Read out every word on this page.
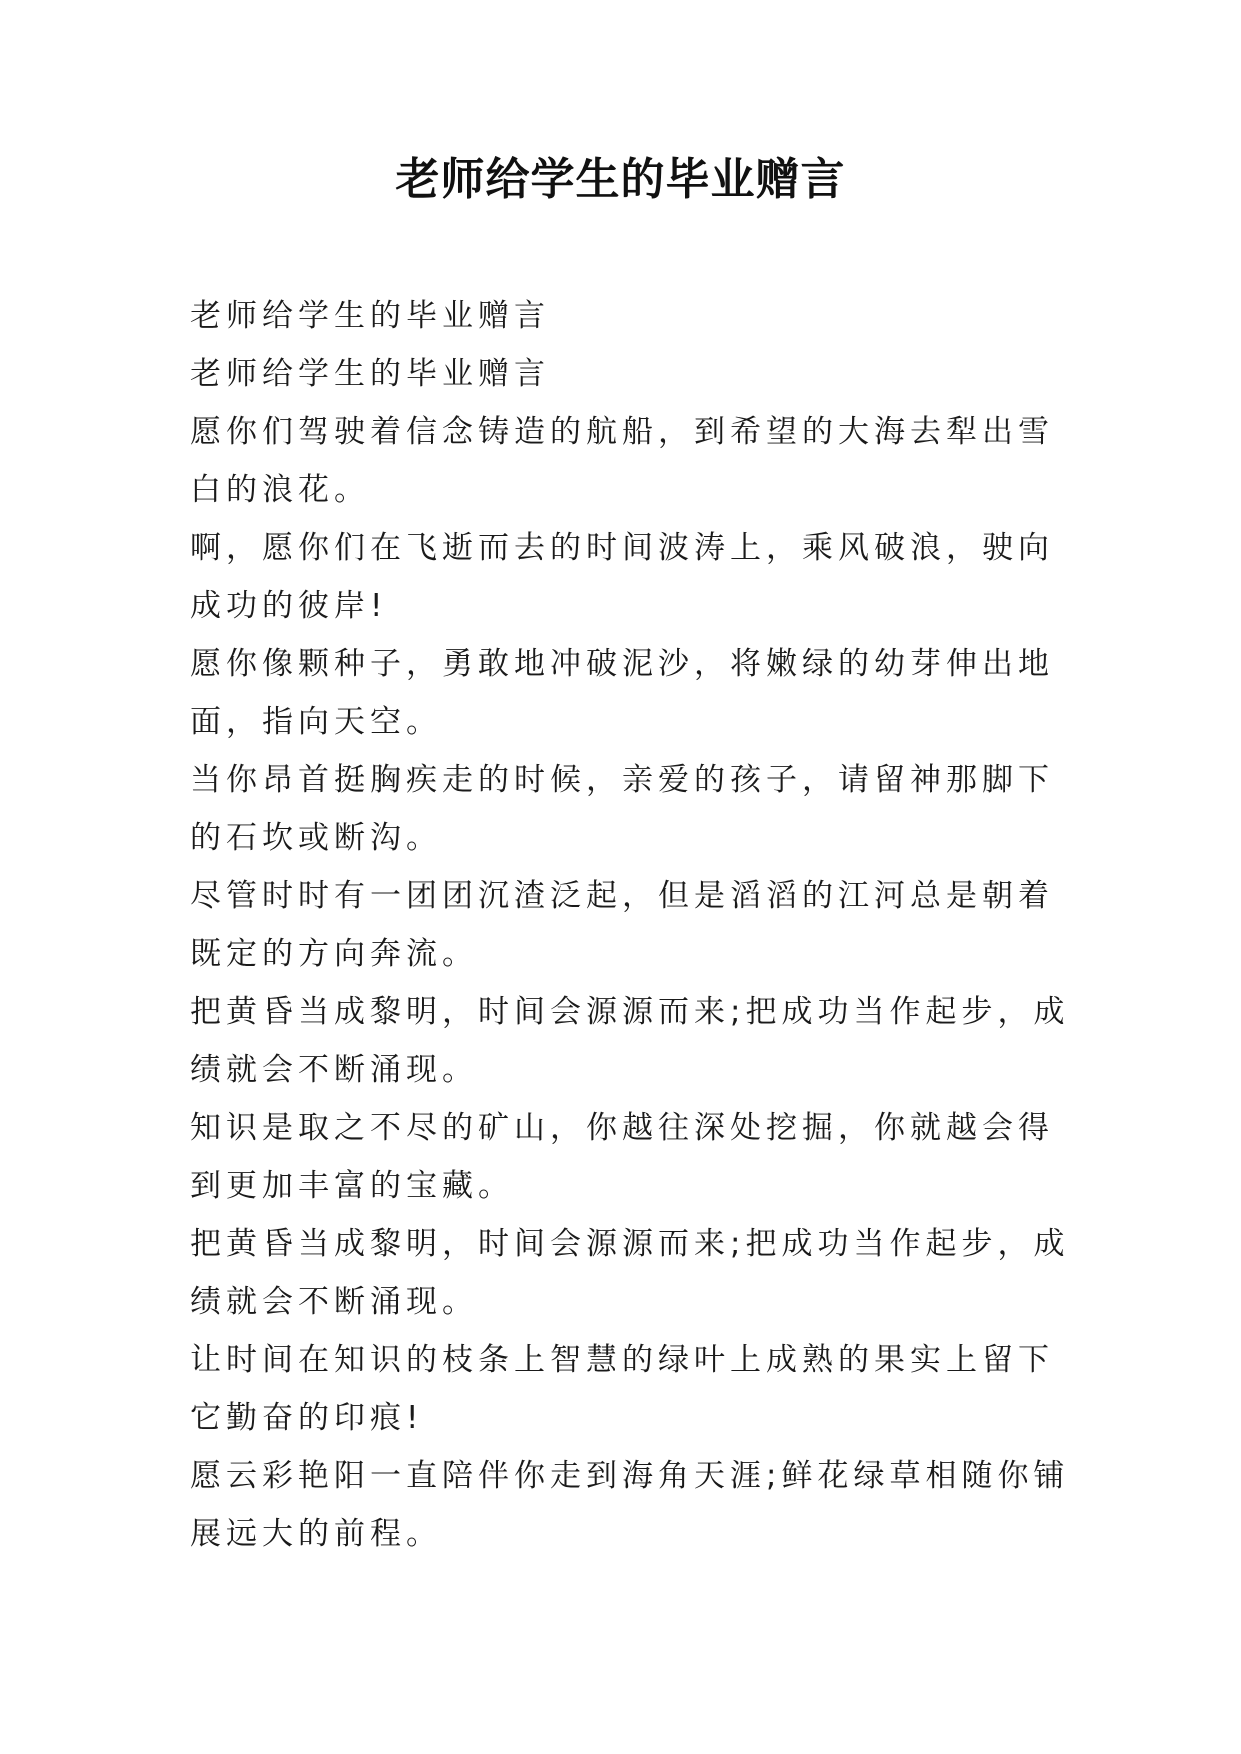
老师给学生的毕业赠言

老师给学生的毕业赠言

老师给学生的毕业赠言

愿你们驾驶着信念铸造的航船，到希望的大海去犁出雪白的浪花。

啊，愿你们在飞逝而去的时间波涛上，乘风破浪，驶向成功的彼岸!

愿你像颗种子，勇敢地冲破泥沙，将嫩绿的幼芽伸出地面，指向天空。

当你昂首挺胸疾走的时候，亲爱的孩子，请留神那脚下的石坎或断沟。

尽管时时有一团团沉渣泛起，但是滔滔的江河总是朝着既定的方向奔流。

把黄昏当成黎明，时间会源源而来;把成功当作起步，成绩就会不断涌现。

知识是取之不尽的矿山，你越往深处挖掘，你就越会得到更加丰富的宝藏。

把黄昏当成黎明，时间会源源而来;把成功当作起步，成绩就会不断涌现。

让时间在知识的枝条上智慧的绿叶上成熟的果实上留下它勤奋的印痕!

愿云彩艳阳一直陪伴你走到海角天涯;鲜花绿草相随你铺展远大的前程。
